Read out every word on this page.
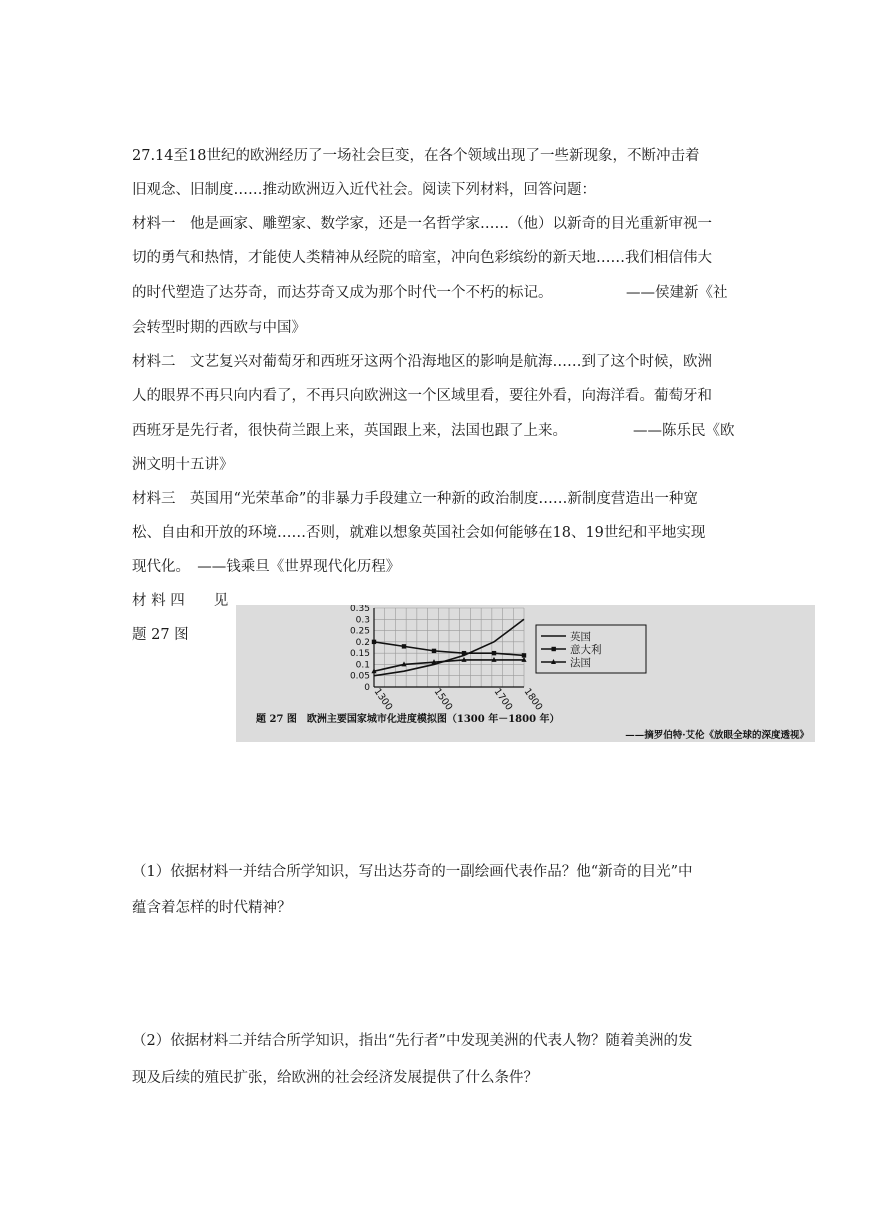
27.14至18世纪的欧洲经历了一场社会巨变，在各个领域出现了一些新现象，不断冲击着
旧观念、旧制度……推动欧洲迈入近代社会。阅读下列材料，回答问题：
材料一　他是画家、雕塑家、数学家，还是一名哲学家……（他）以新奇的目光重新审视一
切的勇气和热情，才能使人类精神从经院的暗室，冲向色彩缤纷的新天地……我们相信伟大
的时代塑造了达芬奇，而达芬奇又成为那个时代一个不朽的标记。	——侯建新《社
会转型时期的西欧与中国》
材料二　文艺复兴对葡萄牙和西班牙这两个沿海地区的影响是航海……到了这个时候，欧洲
人的眼界不再只向内看了，不再只向欧洲这一个区域里看，要往外看，向海洋看。葡萄牙和
西班牙是先行者，很快荷兰跟上来，英国跟上来，法国也跟了上来。	——陈乐民《欧
洲文明十五讲》
材料三　英国用“光荣革命”的非暴力手段建立一种新的政治制度……新制度营造出一种宽
松、自由和开放的环境……否则，就难以想象英国社会如何能够在18、19世纪和平地实现
现代化。　——钱乘旦《世界现代化历程》
材 料 四　　见
题 27 图
0.35
0.3
0.25
0.2
0.15
0.1
0.05
0 1300	1500	1700 1800
英国
意大利
法国
题 27 图　欧洲主要国家城市化进度模拟图（1300 年－1800 年）
——摘罗伯特·艾伦《放眼全球的深度透视》
（1）依据材料一并结合所学知识，写出达芬奇的一副绘画代表作品？他“新奇的目光”中
蕴含着怎样的时代精神？
（2）依据材料二并结合所学知识，指出“先行者”中发现美洲的代表人物？随着美洲的发
现及后续的殖民扩张，给欧洲的社会经济发展提供了什么条件？
